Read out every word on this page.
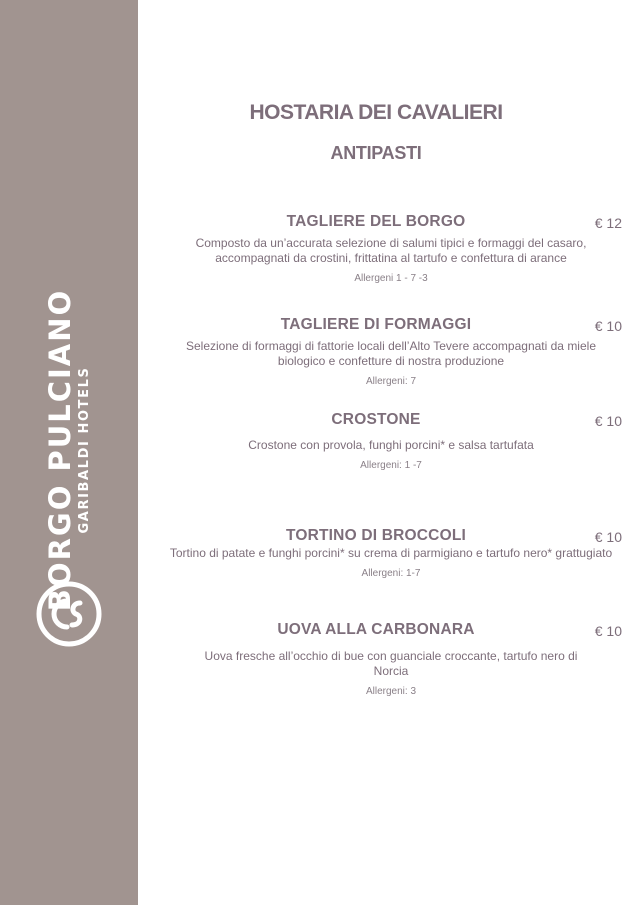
BORGO PULCIANO GARIBALDI HOTELS
HOSTARIA DEI CAVALIERI
ANTIPASTI
TAGLIERE DEL BORGO	€ 12
Composto da un’accurata selezione di salumi tipici e formaggi del casaro, accompagnati da crostini, frittatina al tartufo e confettura di arance
Allergeni 1 - 7 -3
TAGLIERE DI FORMAGGI	€ 10
Selezione di formaggi di fattorie locali dell’Alto Tevere accompagnati da miele biologico e confetture di nostra produzione
Allergeni: 7
CROSTONE	€ 10
Crostone con provola, funghi porcini* e salsa tartufata
Allergeni: 1 -7
TORTINO DI BROCCOLI	€ 10
Tortino di patate e funghi porcini* su crema di parmigiano e tartufo nero* grattugiato
Allergeni: 1-7
UOVA ALLA CARBONARA	€ 10
Uova fresche all’occhio di bue con guanciale croccante, tartufo nero di Norcia
Allergeni: 3
